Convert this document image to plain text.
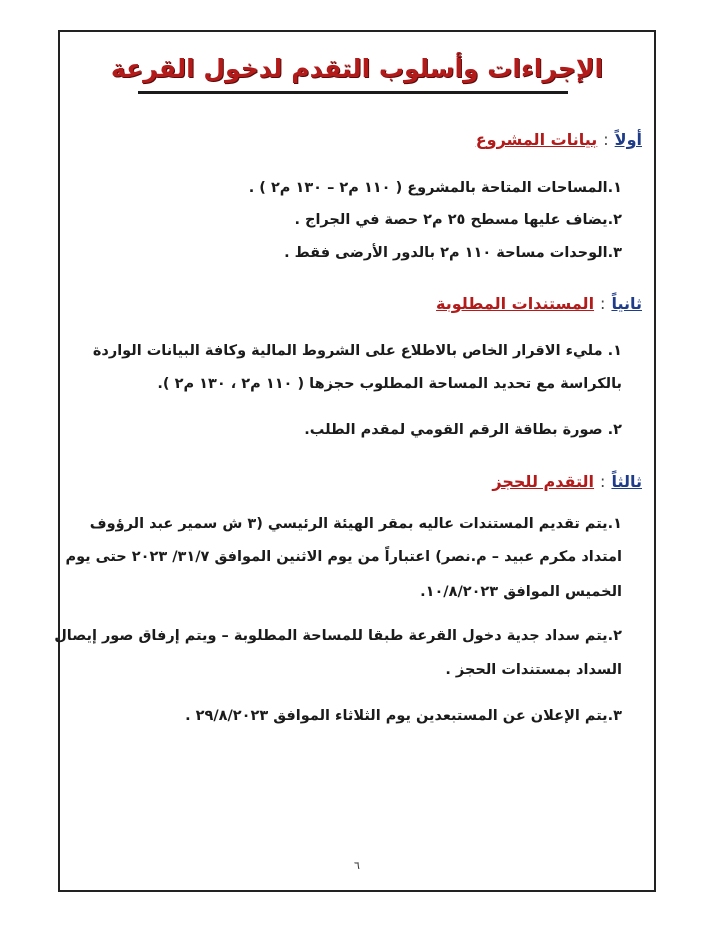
الإجراءات وأسلوب التقدم لدخول القرعة
أولاً:بيانات المشروع
١.المساحات المتاحة بالمشروع ( ١١٠ م٢ – ١٣٠ م٢ ) .
٢.يضاف عليها مسطح ٢٥ م٢ حصة في الجراج .
٣.الوحدات مساحة ١١٠ م٢ بالدور الأرضى فقط .
ثانياً:المستندات المطلوبة
١. مليء الاقرار الخاص بالاطلاع على الشروط المالية وكافة البيانات الواردة
بالكراسة مع تحديد المساحة المطلوب حجزها ( ١١٠ م٢ ، ١٣٠ م٢ ).
٢. صورة بطاقة الرقم القومي لمقدم الطلب.
ثالثاً:التقدم للحجز
١.يتم تقديم المستندات عاليه بمقر الهيئة الرئيسي (٣ ش سمير عبد الرؤوف
امتداد مكرم عبيد – م.نصر) اعتباراً من يوم الاثنين الموافق ٣١/٧/ ٢٠٢٣ حتى يوم
الخميس الموافق ١٠/٨/٢٠٢٣.
٢.يتم سداد جدية دخول القرعة طبقا للمساحة المطلوبة – ويتم إرفاق صور إيصال
السداد بمستندات الحجز .
٣.يتم الإعلان عن المستبعدين يوم الثلاثاء الموافق ٢٩/٨/٢٠٢٣ .
٦
